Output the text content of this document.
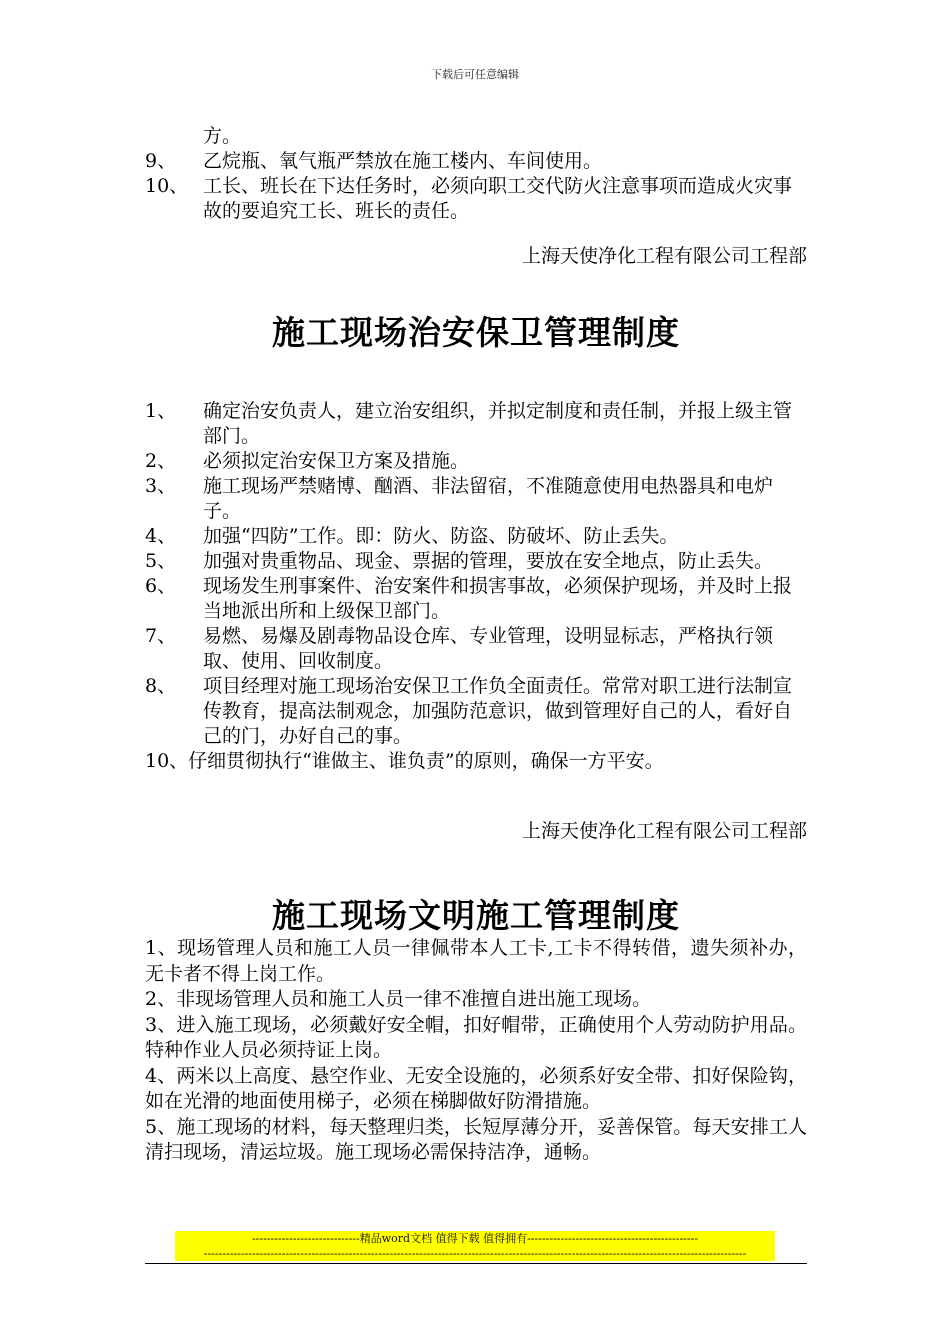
下载后可任意编辑
方。
9、	乙烷瓶、氧气瓶严禁放在施工楼内、车间使用。
10、 工长、班长在下达任务时，必须向职工交代防火注意事项而造成火灾事故的要追究工长、班长的责任。
上海天使净化工程有限公司工程部
施工现场治安保卫管理制度
1、	确定治安负责人，建立治安组织，并拟定制度和责任制，并报上级主管部门。
2、	必须拟定治安保卫方案及措施。
3、	施工现场严禁赌博、酗酒、非法留宿，不准随意使用电热器具和电炉子。
4、	加强“四防”工作。即：防火、防盗、防破坏、防止丢失。
5、	加强对贵重物品、现金、票据的管理，要放在安全地点，防止丢失。
6、	现场发生刑事案件、治安案件和损害事故，必须保护现场，并及时上报当地派出所和上级保卫部门。
7、	易燃、易爆及剧毒物品设仓库、专业管理，设明显标志，严格执行领取、使用、回收制度。
8、	项目经理对施工现场治安保卫工作负全面责任。常常对职工进行法制宣传教育，提高法制观念，加强防范意识，做到管理好自己的人，看好自己的门，办好自己的事。
10、仔细贯彻执行“谁做主、谁负责”的原则，确保一方平安。
上海天使净化工程有限公司工程部
施工现场文明施工管理制度
1、现场管理人员和施工人员一律佩带本人工卡,工卡不得转借，遗失须补办，无卡者不得上岗工作。
2、非现场管理人员和施工人员一律不准擅自进出施工现场。
3、进入施工现场，必须戴好安全帽，扣好帽带，正确使用个人劳动防护用品。特种作业人员必须持证上岗。
4、两米以上高度、悬空作业、无安全设施的，必须系好安全带、扣好保险钩，如在光滑的地面使用梯子，必须在梯脚做好防滑措施。
5、施工现场的材料，每天整理归类，长短厚薄分开，妥善保管。每天安排工人清扫现场，清运垃圾。施工现场必需保持洁净，通畅。
-----------------------------精品word文档 值得下载 值得拥有----------------------------------------------
--------------------------------------------------------------------------------------------------------------------------------------------------
